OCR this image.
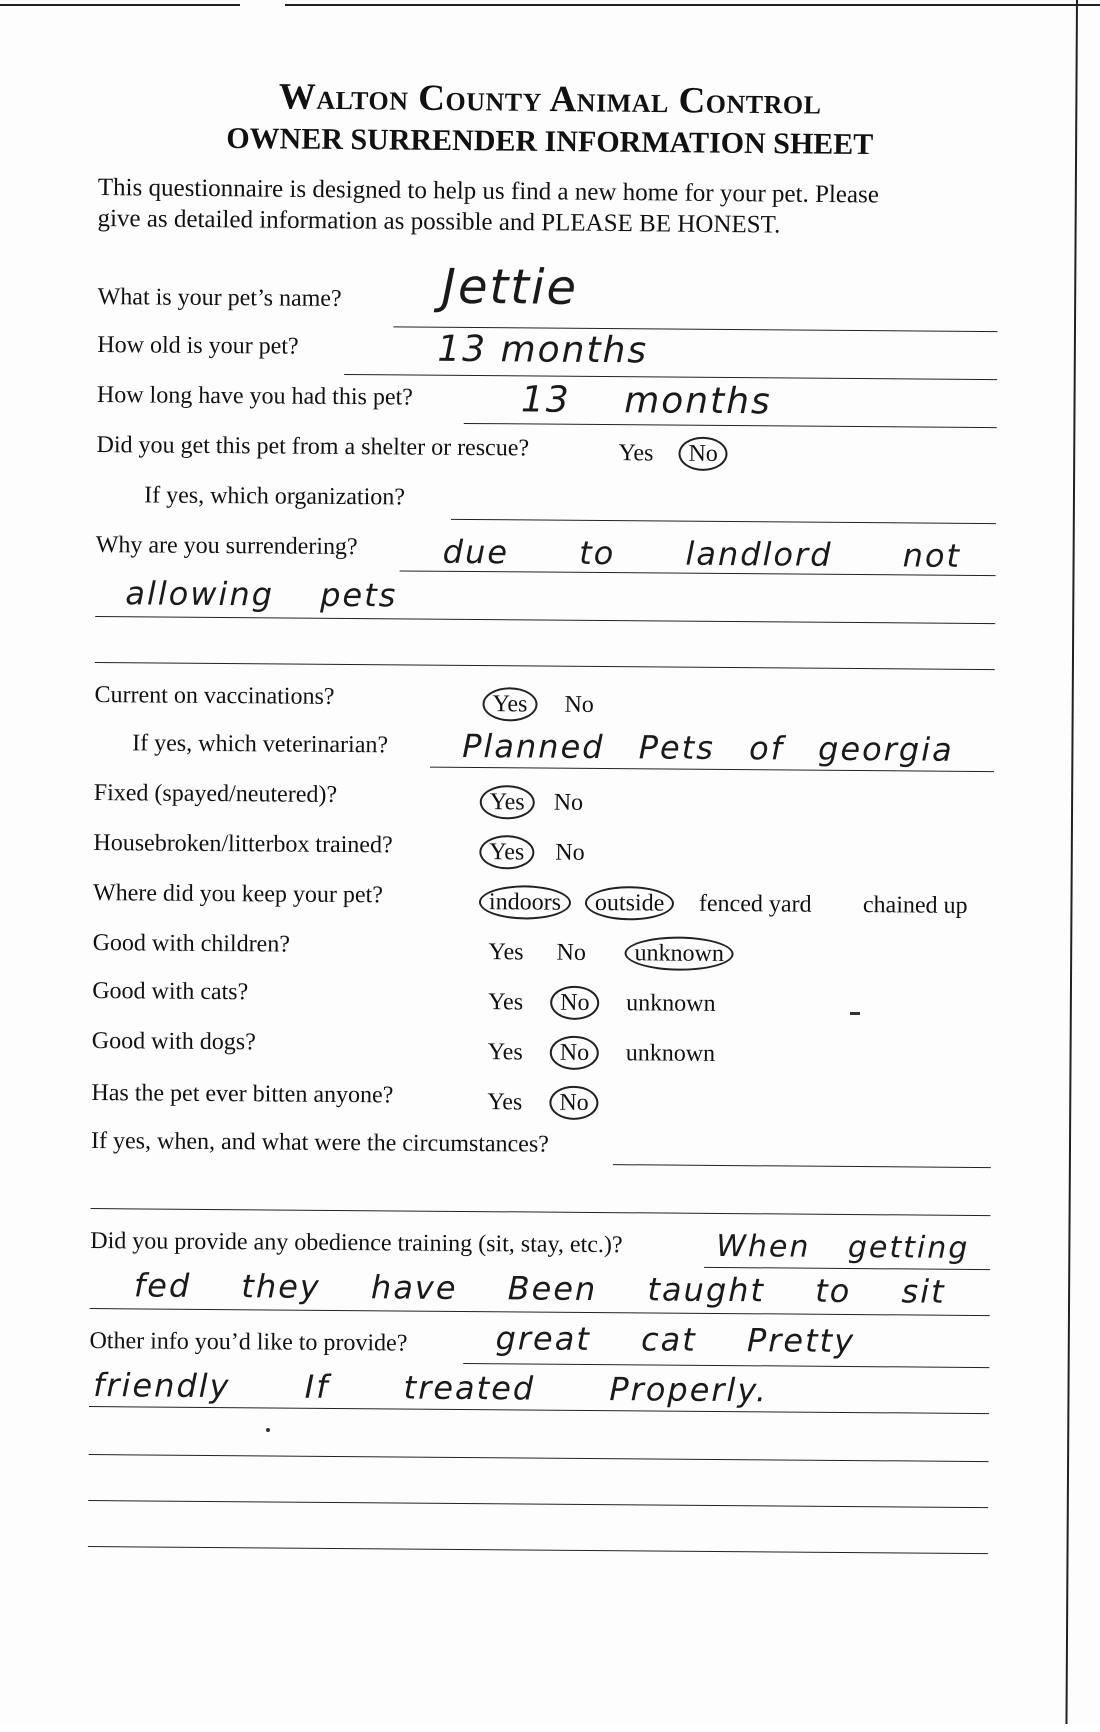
Walton County Animal Control

OWNER SURRENDER INFORMATION SHEET

This questionnaire is designed to help us find a new home for your pet. Please
give as detailed information as possible and PLEASE BE HONEST.
What is your pet’s name? Jettie
How old is your pet?	13 months
How long have you had this pet?	13 months
Did you get this pet from a shelter or rescue?	Yes No
If yes, which organization?
Why are you surrendering?	due to landlord not
allowing pets
Current on vaccinations?	Yes No
If yes, which veterinarian? Planned Pets of georgia
Fixed (spayed/neutered)?	Yes No
Housebroken/litterbox trained?	Yes No
Where did you keep your pet?	indoors outside fenced yard chained up
Good with children?	Yes No unknown
Good with cats?	Yes No unknown
Good with dogs?	Yes No unknown
Has the pet ever bitten anyone?	Yes No
If yes, when, and what were the circumstances?
Did you provide any obedience training (sit, stay, etc.)?	When getting
fed they have Been taught to sit
Other info you’d like to provide?	great cat Pretty
friendly If treated Properly.
